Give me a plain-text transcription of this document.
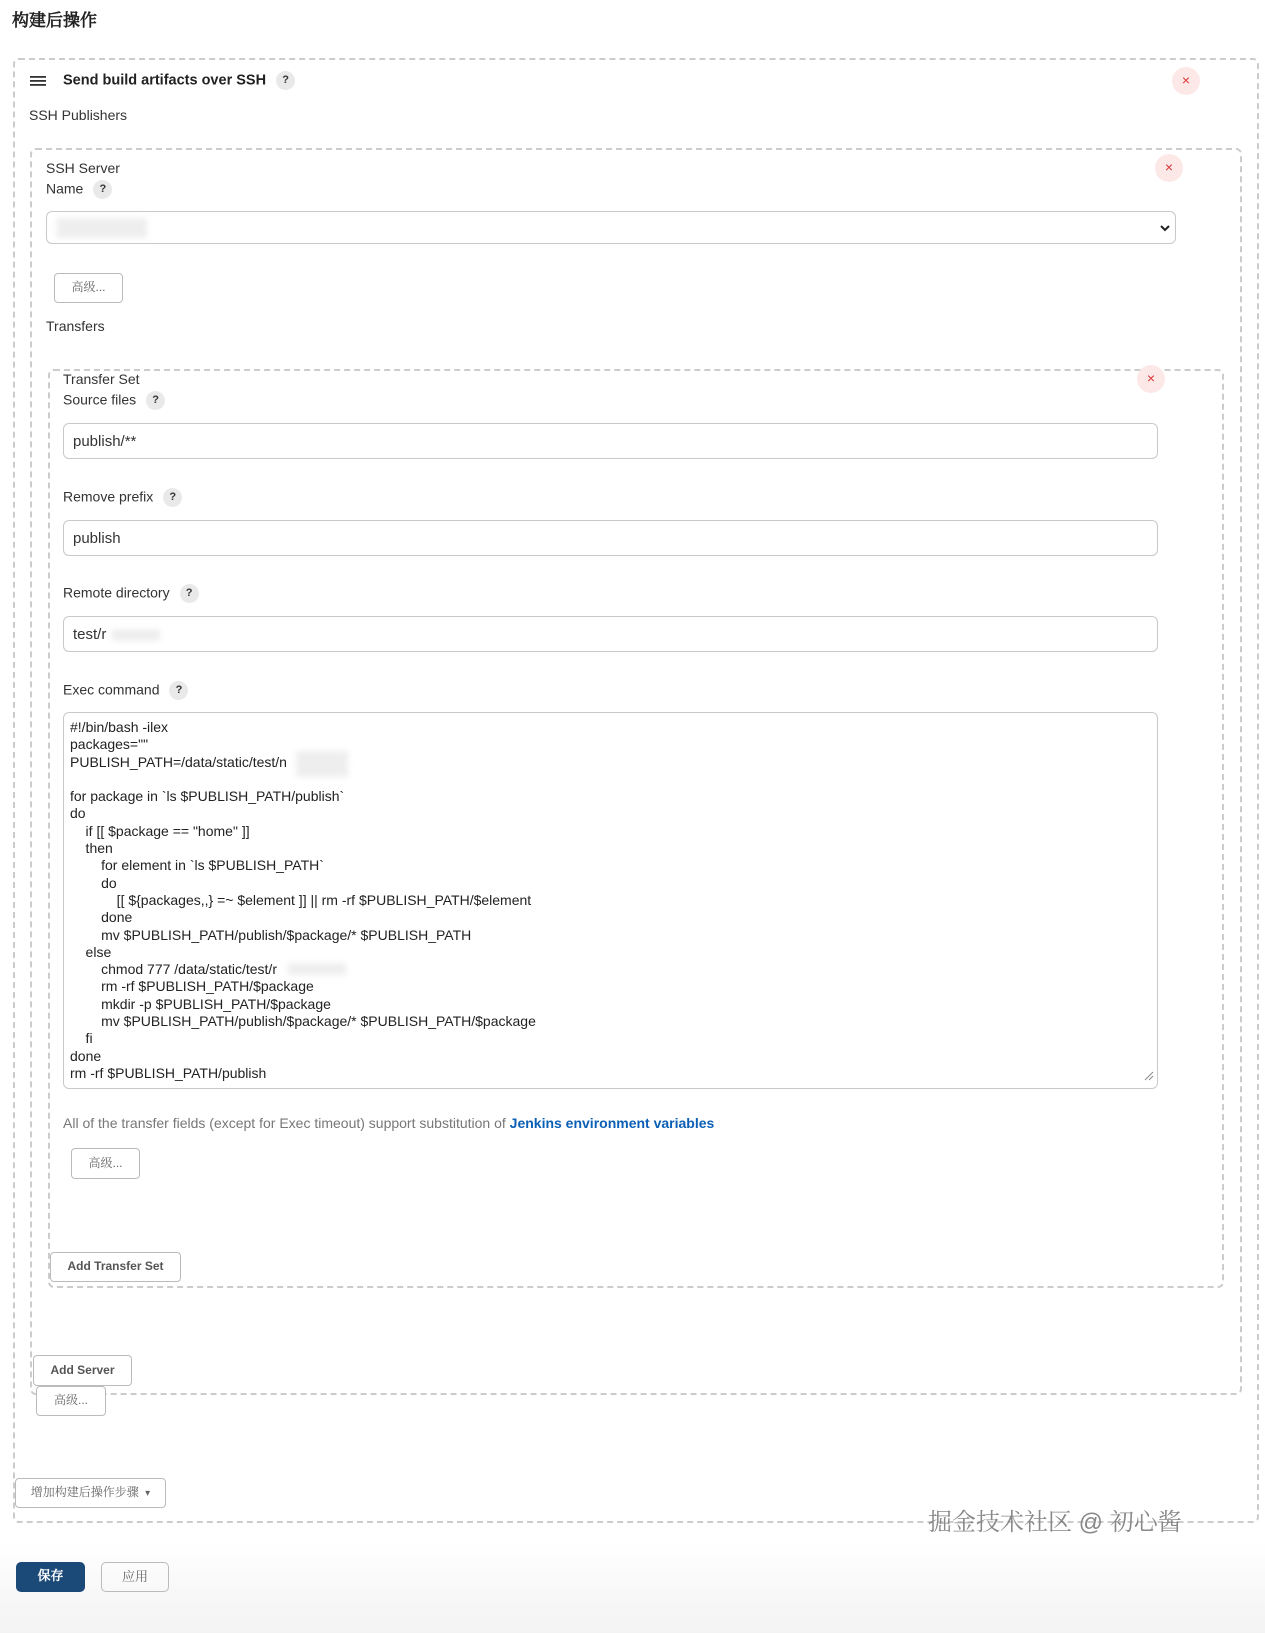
构建后操作
Send build artifacts over SSH ?	×
SSH Publishers
×
SSH Server
Name ?
高级...
Transfers
×
Transfer Set
Source files ?
publish/**
Remove prefix ?
publish
Remote directory ?
test/r
Exec command ?
#!/bin/bash -ilex
packages=""
PUBLISH_PATH=/data/static/test/n

for package in `ls $PUBLISH_PATH/publish`
do
if [[ $package == "home" ]]
then
for element in `ls $PUBLISH_PATH`
do
[[ ${packages,,} =~ $element ]] || rm -rf $PUBLISH_PATH/$element
done
mv $PUBLISH_PATH/publish/$package/* $PUBLISH_PATH
else
chmod 777 /data/static/test/r
rm -rf $PUBLISH_PATH/$package
mkdir -p $PUBLISH_PATH/$package
mv $PUBLISH_PATH/publish/$package/* $PUBLISH_PATH/$package
fi
done
rm -rf $PUBLISH_PATH/publish
All of the transfer fields (except for Exec timeout) support substitution of Jenkins environment variables
高级...
Add Transfer Set
Add Server
高级...
增加构建后操作步骤 ▾
保存	应用
掘金技术社区 @ 初心酱
